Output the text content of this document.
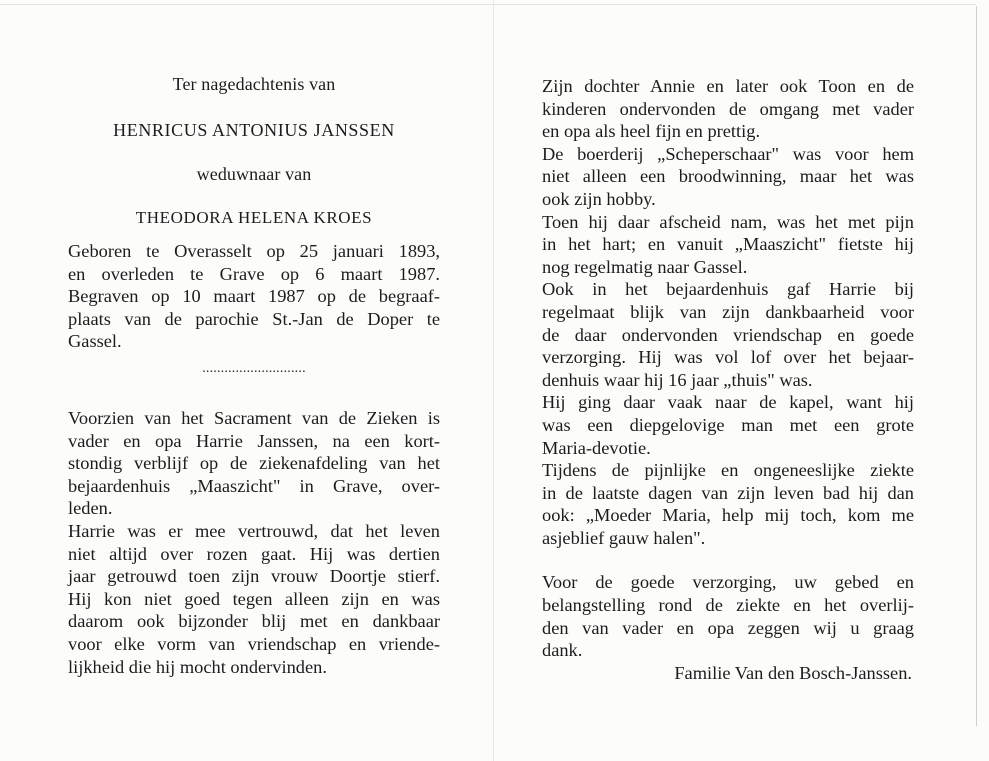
Ter nagedachtenis van
HENRICUS ANTONIUS JANSSEN
weduwnaar van
THEODORA HELENA KROES
Geboren te Overasselt op 25 januari 1893,
en overleden te Grave op 6 maart 1987.
Begraven op 10 maart 1987 op de begraaf-
plaats van de parochie St.-Jan de Doper te
Gassel.
............................
Voorzien van het Sacrament van de Zieken is
vader en opa Harrie Janssen, na een kort-
stondig verblijf op de ziekenafdeling van het
bejaardenhuis „Maaszicht" in Grave, over-
leden.
Harrie was er mee vertrouwd, dat het leven
niet altijd over rozen gaat. Hij was dertien
jaar getrouwd toen zijn vrouw Doortje stierf.
Hij kon niet goed tegen alleen zijn en was
daarom ook bijzonder blij met en dankbaar
voor elke vorm van vriendschap en vriende-
lijkheid die hij mocht ondervinden.
Zijn dochter Annie en later ook Toon en de
kinderen ondervonden de omgang met vader
en opa als heel fijn en prettig.
De boerderij „Scheperschaar" was voor hem
niet alleen een broodwinning, maar het was
ook zijn hobby.
Toen hij daar afscheid nam, was het met pijn
in het hart; en vanuit „Maaszicht" fietste hij
nog regelmatig naar Gassel.
Ook in het bejaardenhuis gaf Harrie bij
regelmaat blijk van zijn dankbaarheid voor
de daar ondervonden vriendschap en goede
verzorging. Hij was vol lof over het bejaar-
denhuis waar hij 16 jaar „thuis" was.
Hij ging daar vaak naar de kapel, want hij
was een diepgelovige man met een grote
Maria-devotie.
Tijdens de pijnlijke en ongeneeslijke ziekte
in de laatste dagen van zijn leven bad hij dan
ook: „Moeder Maria, help mij toch, kom me
asjeblief gauw halen".
Voor de goede verzorging, uw gebed en
belangstelling rond de ziekte en het overlij-
den van vader en opa zeggen wij u graag
dank.
Familie Van den Bosch-Janssen.
